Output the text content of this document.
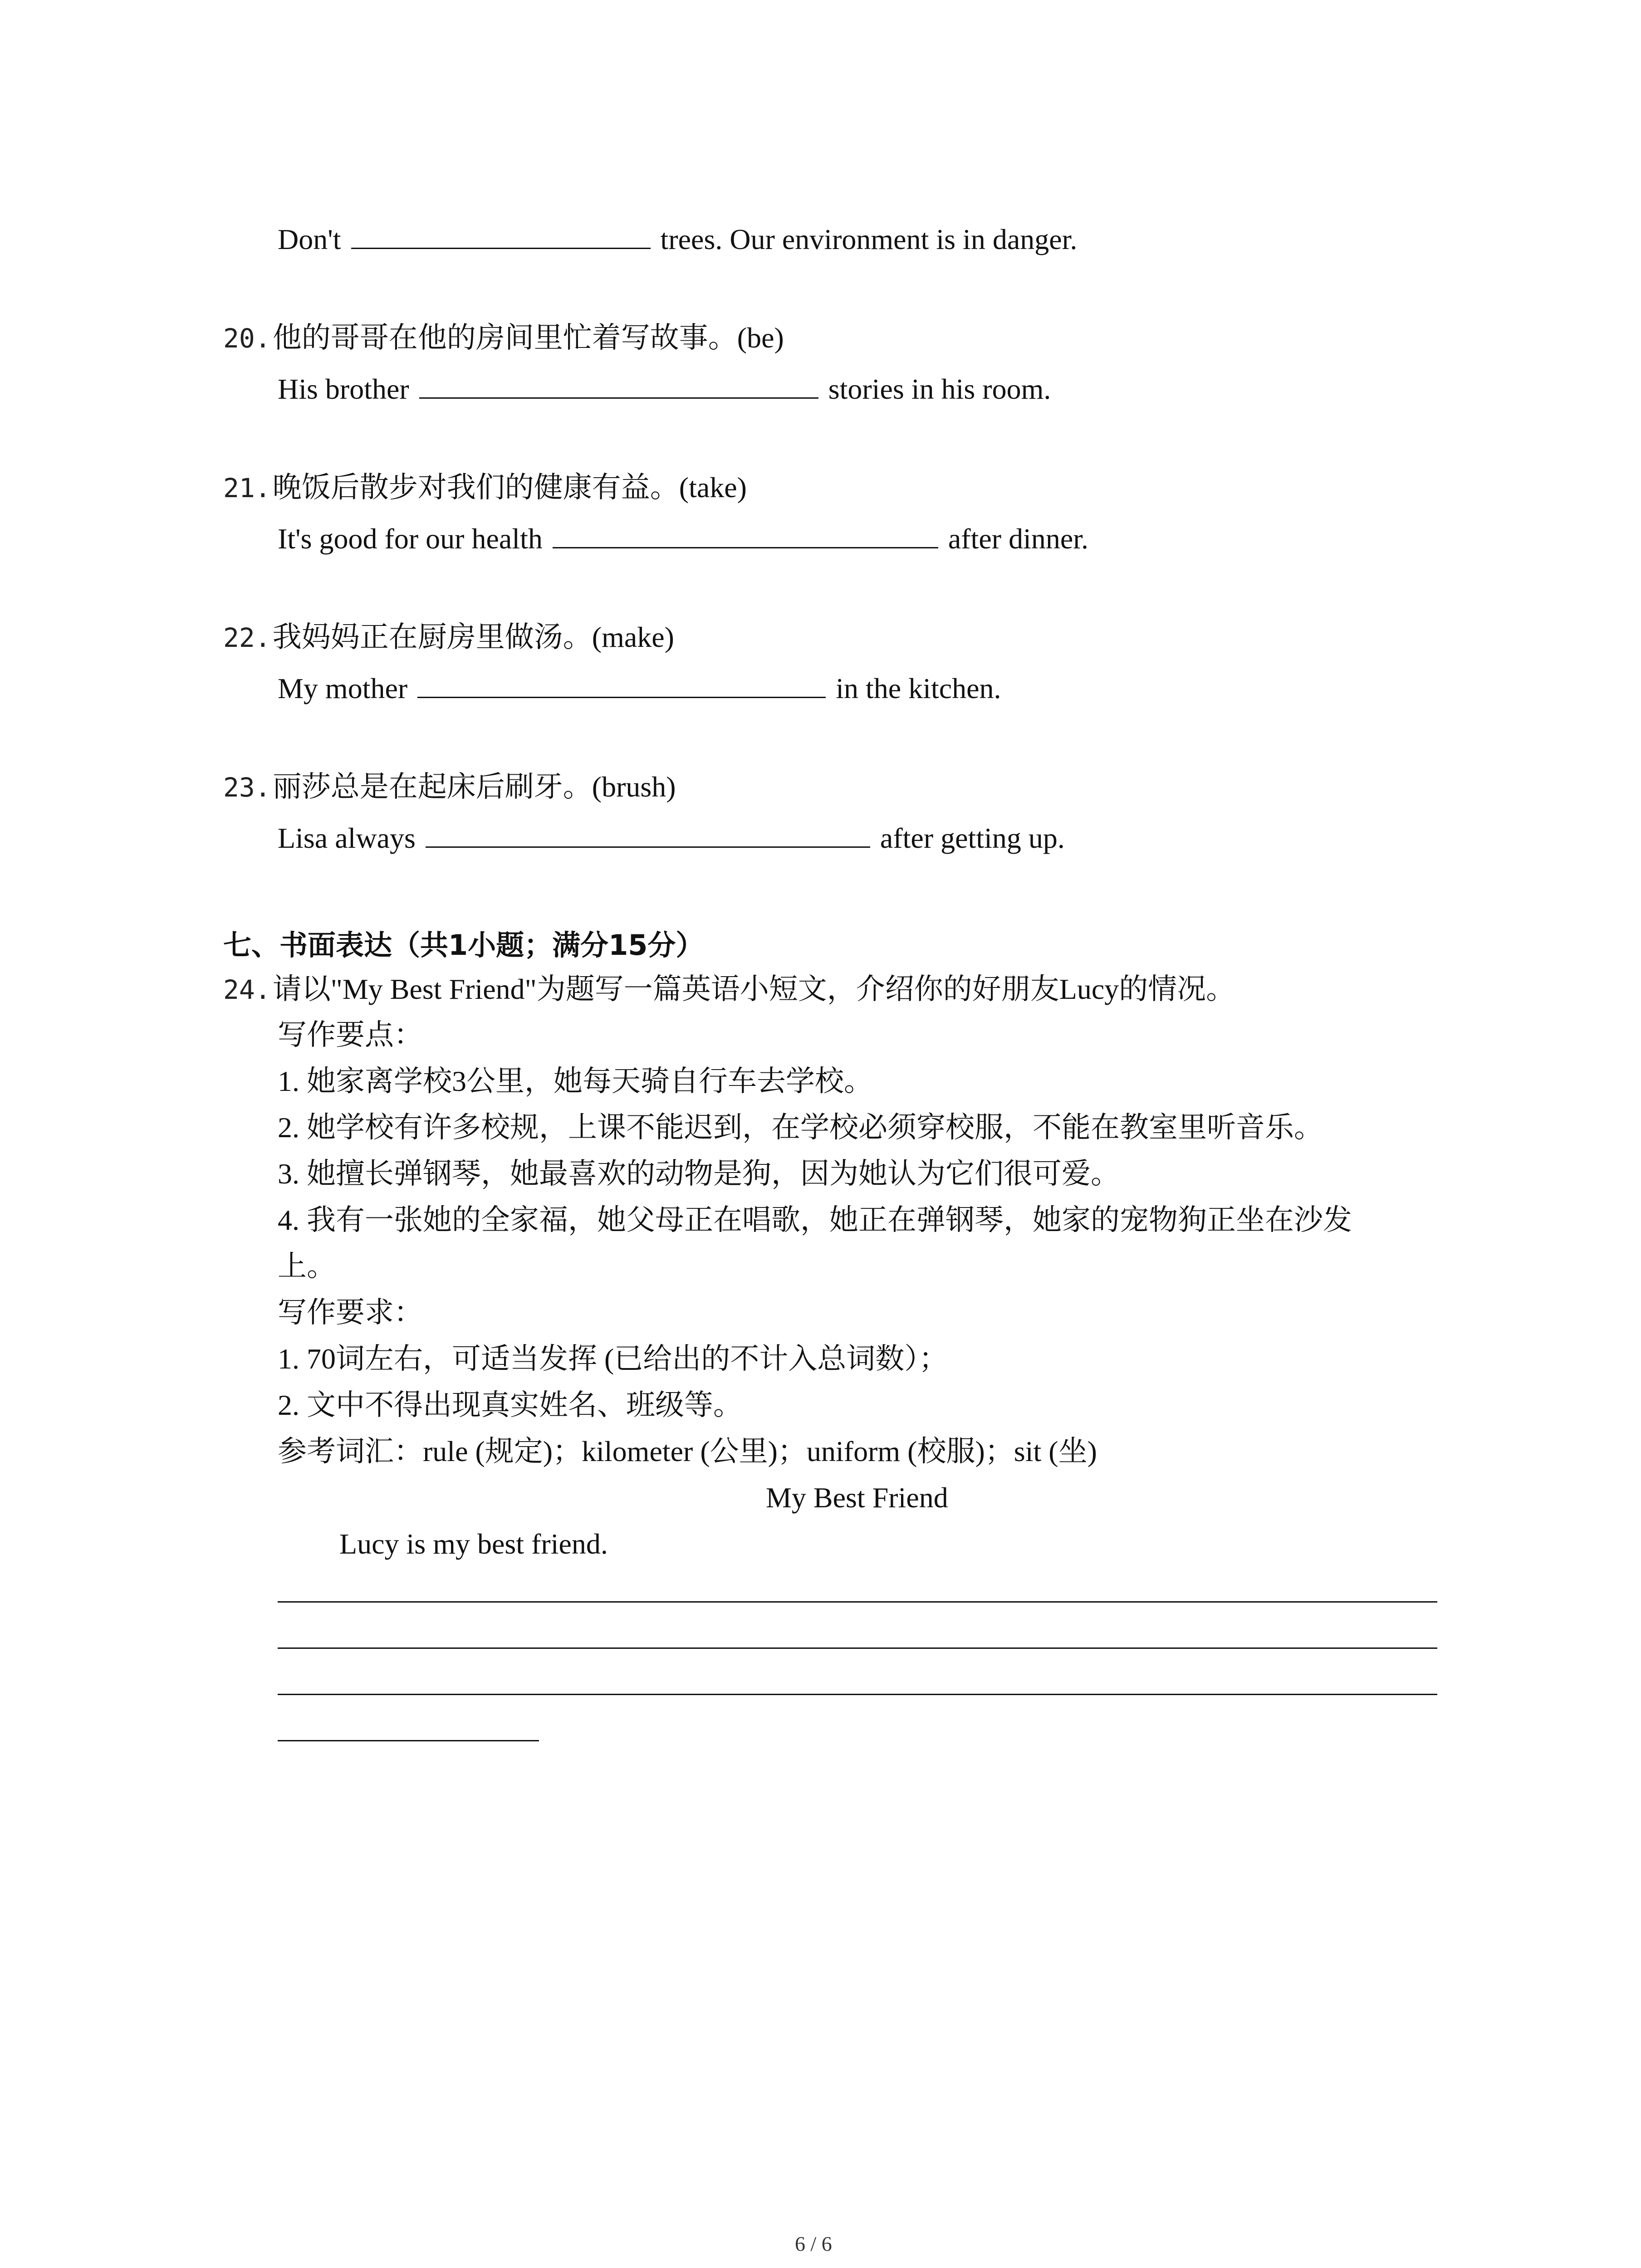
Don't	trees. Our environment is in danger.
20. 他的哥哥在他的房间里忙着写故事。(be)
His brother	stories in his room.
21. 晚饭后散步对我们的健康有益。(take)
It's good for our health	after dinner.
22. 我妈妈正在厨房里做汤。(make)
My mother	in the kitchen.
23. 丽莎总是在起床后刷牙。(brush)
Lisa always	after getting up.
七、书面表达（共1小题；满分15分）
24. 请以"My Best Friend"为题写一篇英语小短文，介绍你的好朋友Lucy的情况。
写作要点：
1. 她家离学校3公里，她每天骑自行车去学校。
2. 她学校有许多校规，上课不能迟到，在学校必须穿校服，不能在教室里听音乐。
3. 她擅长弹钢琴，她最喜欢的动物是狗，因为她认为它们很可爱。
4. 我有一张她的全家福，她父母正在唱歌，她正在弹钢琴，她家的宠物狗正坐在沙发
上。
写作要求：
1. 70词左右，可适当发挥 (已给出的不计入总词数）；
2. 文中不得出现真实姓名、班级等。
参考词汇：rule (规定)；kilometer (公里)；uniform (校服)；sit (坐)
My Best Friend
Lucy is my best friend.
6 / 6
